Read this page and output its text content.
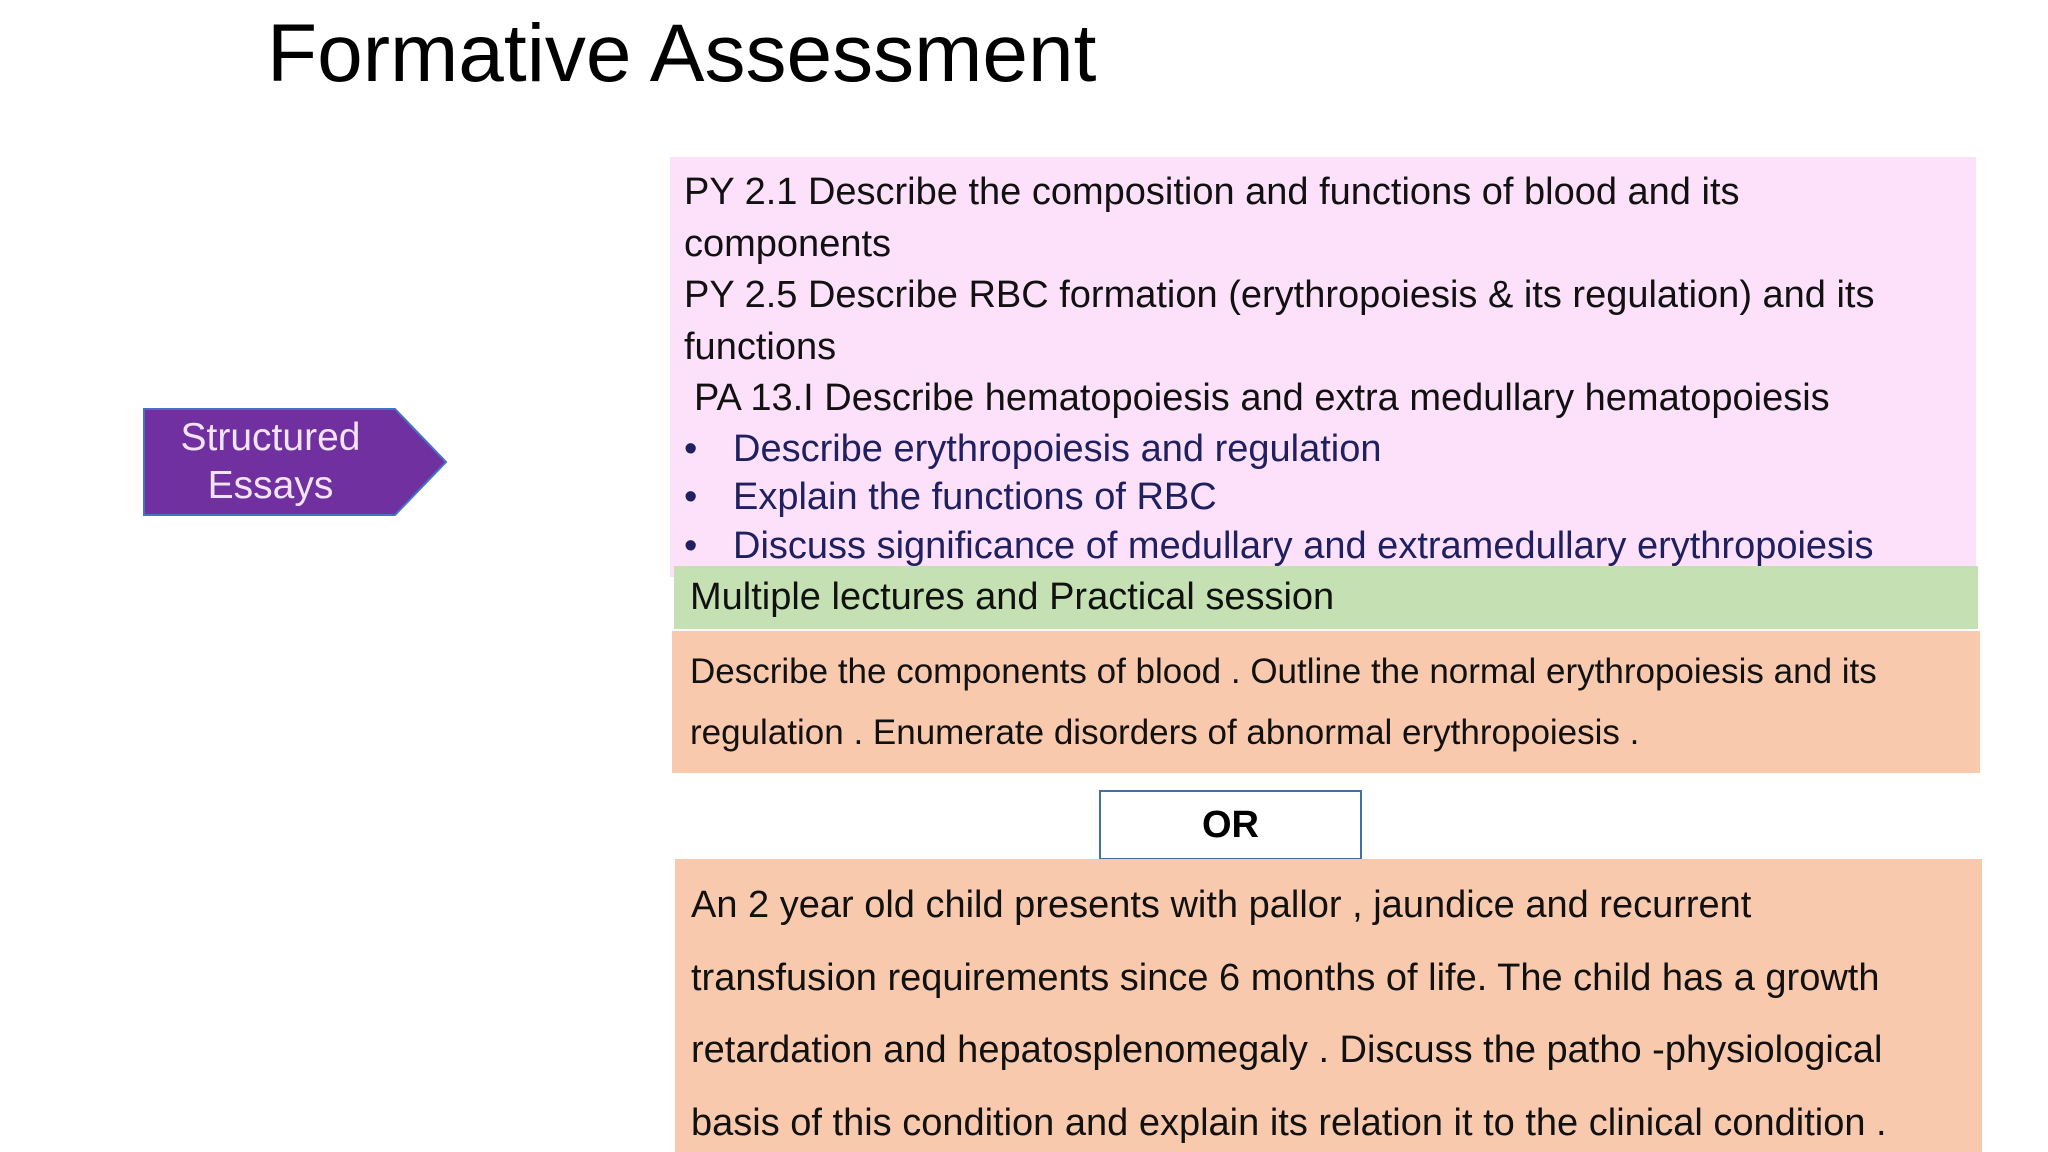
Formative Assessment
Structured
Essays
PY 2.1 Describe the composition and functions of blood and its
components
PY 2.5 Describe RBC formation (erythropoiesis & its regulation) and its
functions
PA 13.I Describe hematopoiesis and extra medullary hematopoiesis
• Describe erythropoiesis and regulation
• Explain the functions of RBC
• Discuss significance of medullary and extramedullary erythropoiesis
Multiple lectures and Practical session
Describe the components of blood . Outline the normal erythropoiesis and its
regulation . Enumerate disorders of abnormal erythropoiesis .
OR
An 2 year old child presents with pallor , jaundice and recurrent
transfusion requirements since 6 months of life. The child has a growth
retardation and hepatosplenomegaly . Discuss the patho -physiological
basis of this condition and explain its relation it to the clinical condition .
